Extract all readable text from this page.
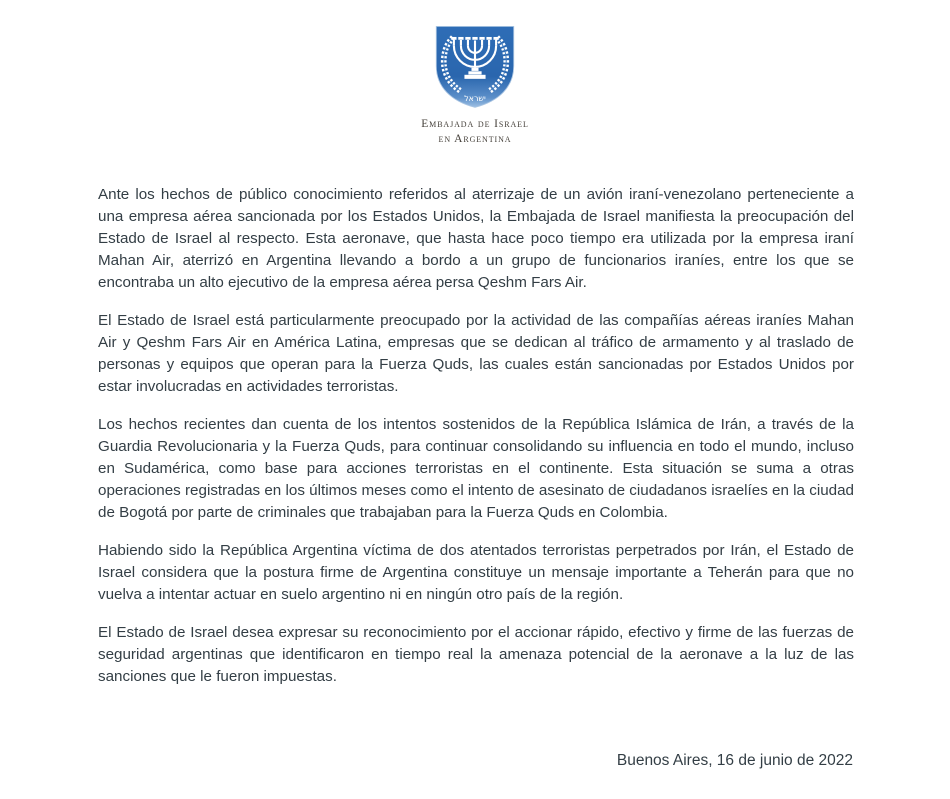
ישראל
Embajada de Israel
en Argentina

Ante los hechos de público conocimiento referidos al aterrizaje de un avión iraní-venezolano perteneciente a una empresa aérea sancionada por los Estados Unidos, la Embajada de Israel manifiesta la preocupación del Estado de Israel al respecto. Esta aeronave, que hasta hace poco tiempo era utilizada por la empresa iraní Mahan Air, aterrizó en Argentina llevando a bordo a un grupo de funcionarios iraníes, entre los que se encontraba un alto ejecutivo de la empresa aérea persa Qeshm Fars Air.

El Estado de Israel está particularmente preocupado por la actividad de las compañías aéreas iraníes Mahan Air y Qeshm Fars Air en América Latina, empresas que se dedican al tráfico de armamento y al traslado de personas y equipos que operan para la Fuerza Quds, las cuales están sancionadas por Estados Unidos por estar involucradas en actividades terroristas.

Los hechos recientes dan cuenta de los intentos sostenidos de la República Islámica de Irán, a través de la Guardia Revolucionaria y la Fuerza Quds, para continuar consolidando su influencia en todo el mundo, incluso en Sudamérica, como base para acciones terroristas en el continente. Esta situación se suma a otras operaciones registradas en los últimos meses como el intento de asesinato de ciudadanos israelíes en la ciudad de Bogotá por parte de criminales que trabajaban para la Fuerza Quds en Colombia.

Habiendo sido la República Argentina víctima de dos atentados terroristas perpetrados por Irán, el Estado de Israel considera que la postura firme de Argentina constituye un mensaje importante a Teherán para que no vuelva a intentar actuar en suelo argentino ni en ningún otro país de la región.

El Estado de Israel desea expresar su reconocimiento por el accionar rápido, efectivo y firme de las fuerzas de seguridad argentinas que identificaron en tiempo real la amenaza potencial de la aeronave a la luz de las sanciones que le fueron impuestas.

Buenos Aires, 16 de junio de 2022
